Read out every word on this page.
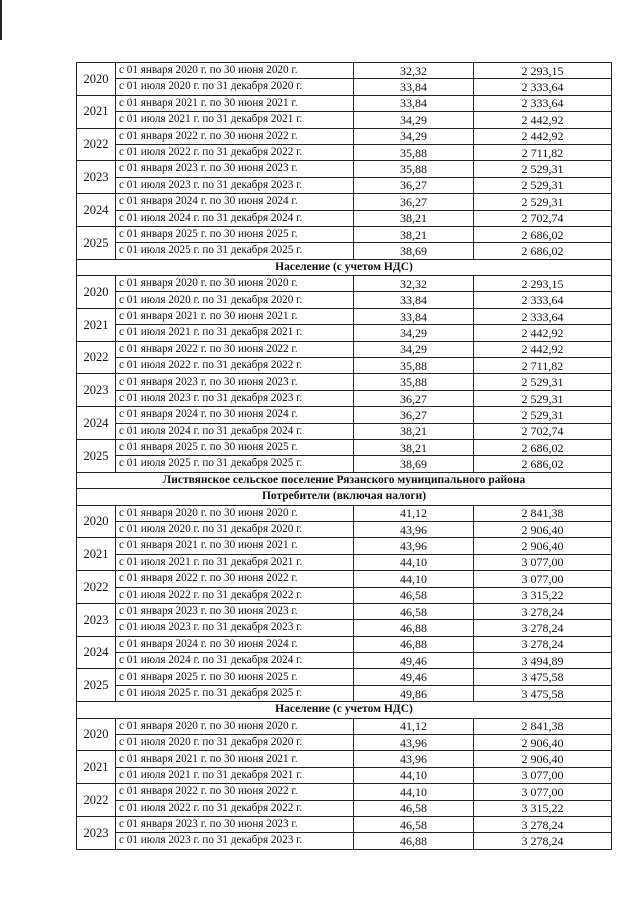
2020	с 01 января 2020 г. по 30 июня 2020 г.	32,32	2 293,15
	с 01 июля 2020 г. по 31 декабря 2020 г.	33,84	2 333,64
2021	с 01 января 2021 г. по 30 июня 2021 г.	33,84	2 333,64
	с 01 июля 2021 г. по 31 декабря 2021 г.	34,29	2 442,92
2022	с 01 января 2022 г. по 30 июня 2022 г.	34,29	2 442,92
	с 01 июля 2022 г. по 31 декабря 2022 г.	35,88	2 711,82
2023	с 01 января 2023 г. по 30 июня 2023 г.	35,88	2 529,31
	с 01 июля 2023 г. по 31 декабря 2023 г.	36,27	2 529,31
2024	с 01 января 2024 г. по 30 июня 2024 г.	36,27	2 529,31
	с 01 июля 2024 г. по 31 декабря 2024 г.	38,21	2 702,74
2025	с 01 января 2025 г. по 30 июня 2025 г.	38,21	2 686,02
	с 01 июля 2025 г. по 31 декабря 2025 г.	38,69	2 686,02
Население (с учетом НДС)			
2020	с 01 января 2020 г. по 30 июня 2020 г.	32,32	2 293,15
	с 01 июля 2020 г. по 31 декабря 2020 г.	33,84	2 333,64
2021	с 01 января 2021 г. по 30 июня 2021 г.	33,84	2 333,64
	с 01 июля 2021 г. по 31 декабря 2021 г.	34,29	2 442,92
2022	с 01 января 2022 г. по 30 июня 2022 г.	34,29	2 442,92
	с 01 июля 2022 г. по 31 декабря 2022 г.	35,88	2 711,82
2023	с 01 января 2023 г. по 30 июня 2023 г.	35,88	2 529,31
	с 01 июля 2023 г. по 31 декабря 2023 г.	36,27	2 529,31
2024	с 01 января 2024 г. по 30 июня 2024 г.	36,27	2 529,31
	с 01 июля 2024 г. по 31 декабря 2024 г.	38,21	2 702,74
2025	с 01 января 2025 г. по 30 июня 2025 г.	38,21	2 686,02
	с 01 июля 2025 г. по 31 декабря 2025 г.	38,69	2 686,02
Листвянское сельское поселение Рязанского муниципального района			
Потребители (включая налоги)			
2020	с 01 января 2020 г. по 30 июня 2020 г.	41,12	2 841,38
	с 01 июля 2020 г. по 31 декабря 2020 г.	43,96	2 906,40
2021	с 01 января 2021 г. по 30 июня 2021 г.	43,96	2 906,40
	с 01 июля 2021 г. по 31 декабря 2021 г.	44,10	3 077,00
2022	с 01 января 2022 г. по 30 июня 2022 г.	44,10	3 077,00
	с 01 июля 2022 г. по 31 декабря 2022 г.	46,58	3 315,22
2023	с 01 января 2023 г. по 30 июня 2023 г.	46,58	3 278,24
	с 01 июля 2023 г. по 31 декабря 2023 г.	46,88	3 278,24
2024	с 01 января 2024 г. по 30 июня 2024 г.	46,88	3 278,24
	с 01 июля 2024 г. по 31 декабря 2024 г.	49,46	3 494,89
2025	с 01 января 2025 г. по 30 июня 2025 г.	49,46	3 475,58
	с 01 июля 2025 г. по 31 декабря 2025 г.	49,86	3 475,58
Население (с учетом НДС)			
2020	с 01 января 2020 г. по 30 июня 2020 г.	41,12	2 841,38
	с 01 июля 2020 г. по 31 декабря 2020 г.	43,96	2 906,40
2021	с 01 января 2021 г. по 30 июня 2021 г.	43,96	2 906,40
	с 01 июля 2021 г. по 31 декабря 2021 г.	44,10	3 077,00
2022	с 01 января 2022 г. по 30 июня 2022 г.	44,10	3 077,00
	с 01 июля 2022 г. по 31 декабря 2022 г.	46,58	3 315,22
2023	с 01 января 2023 г. по 30 июня 2023 г.	46,58	3 278,24
	с 01 июля 2023 г. по 31 декабря 2023 г.	46,88	3 278,24
